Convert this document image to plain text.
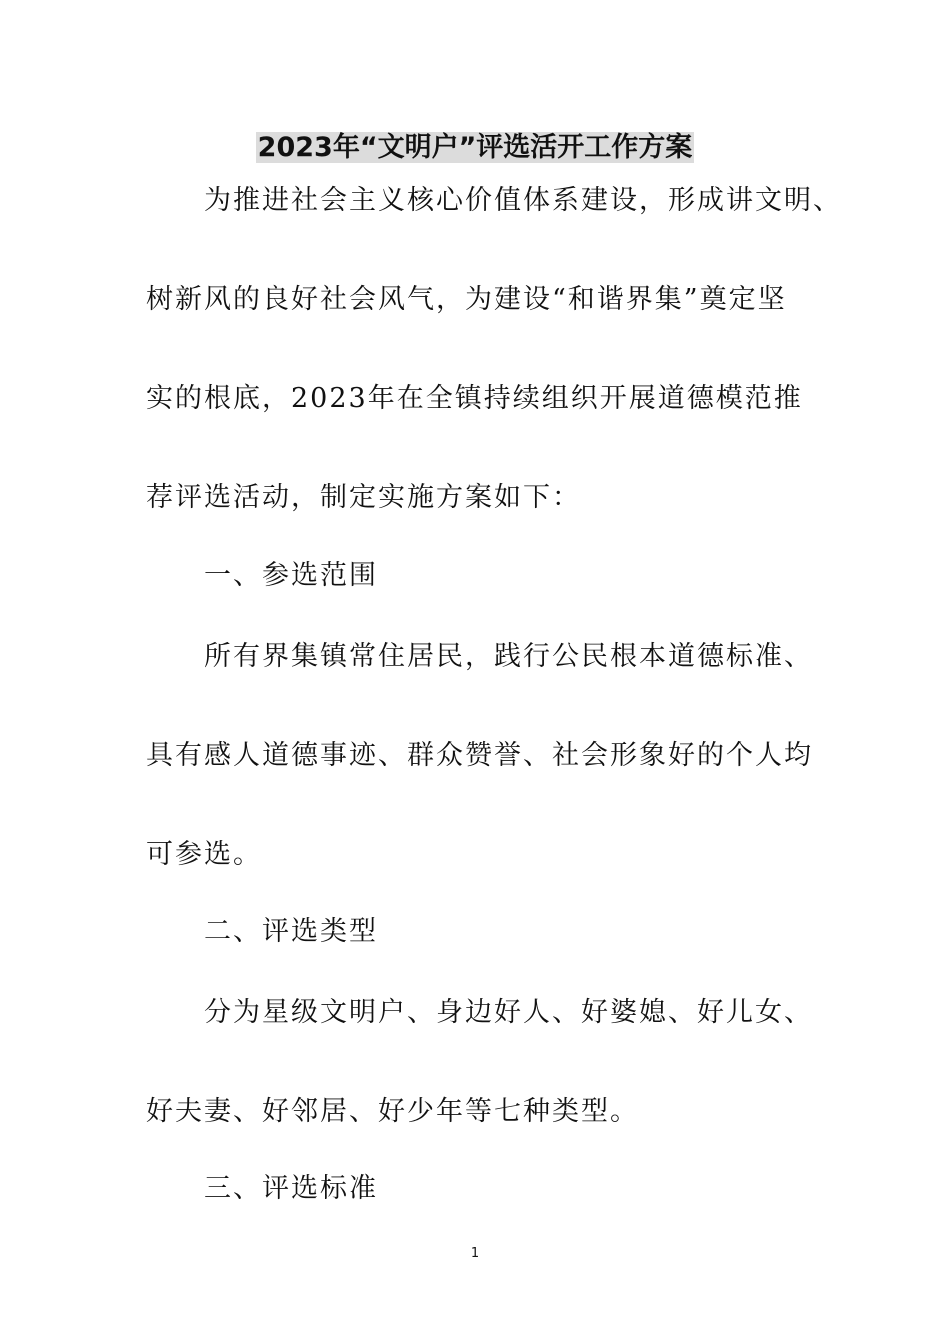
2023年“文明户”评选活开工作方案
为推进社会主义核心价值体系建设，形成讲文明、
树新风的良好社会风气，为建设“和谐界集”奠定坚
实的根底，2023年在全镇持续组织开展道德模范推
荐评选活动，制定实施方案如下：
一、参选范围
所有界集镇常住居民，践行公民根本道德标准、
具有感人道德事迹、群众赞誉、社会形象好的个人均
可参选。
二、评选类型
分为星级文明户、身边好人、好婆媳、好儿女、
好夫妻、好邻居、好少年等七种类型。
三、评选标准
1
